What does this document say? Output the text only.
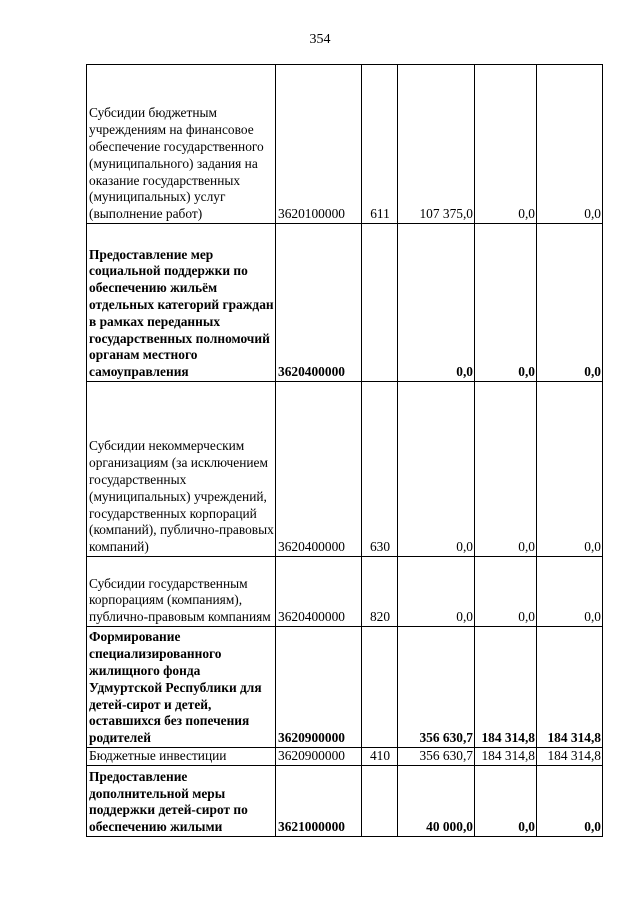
354
Субсидии бюджетным учреждениям на финансовое обеспечение государственного (муниципального) задания на оказание государственных (муниципальных) услуг (выполнение работ)	3620100000	611	107 375,0	0,0	0,0
Предоставление мер социальной поддержки по обеспечению жильём отдельных категорий граждан в рамках переданных государственных полномочий органам местного самоуправления	3620400000		0,0	0,0	0,0
Субсидии некоммерческим организациям (за исключением государственных (муниципальных) учреждений, государственных корпораций (компаний), публично-правовых компаний)	3620400000	630	0,0	0,0	0,0
Субсидии государственным корпорациям (компаниям), публично-правовым компаниям	3620400000	820	0,0	0,0	0,0
Формирование специализированного жилищного фонда Удмуртской Республики для детей-сирот и детей, оставшихся без попечения родителей	3620900000		356 630,7	184 314,8	184 314,8
Бюджетные инвестиции	3620900000	410	356 630,7	184 314,8	184 314,8
Предоставление дополнительной меры поддержки детей-сирот по обеспечению жилыми	3621000000		40 000,0	0,0	0,0
